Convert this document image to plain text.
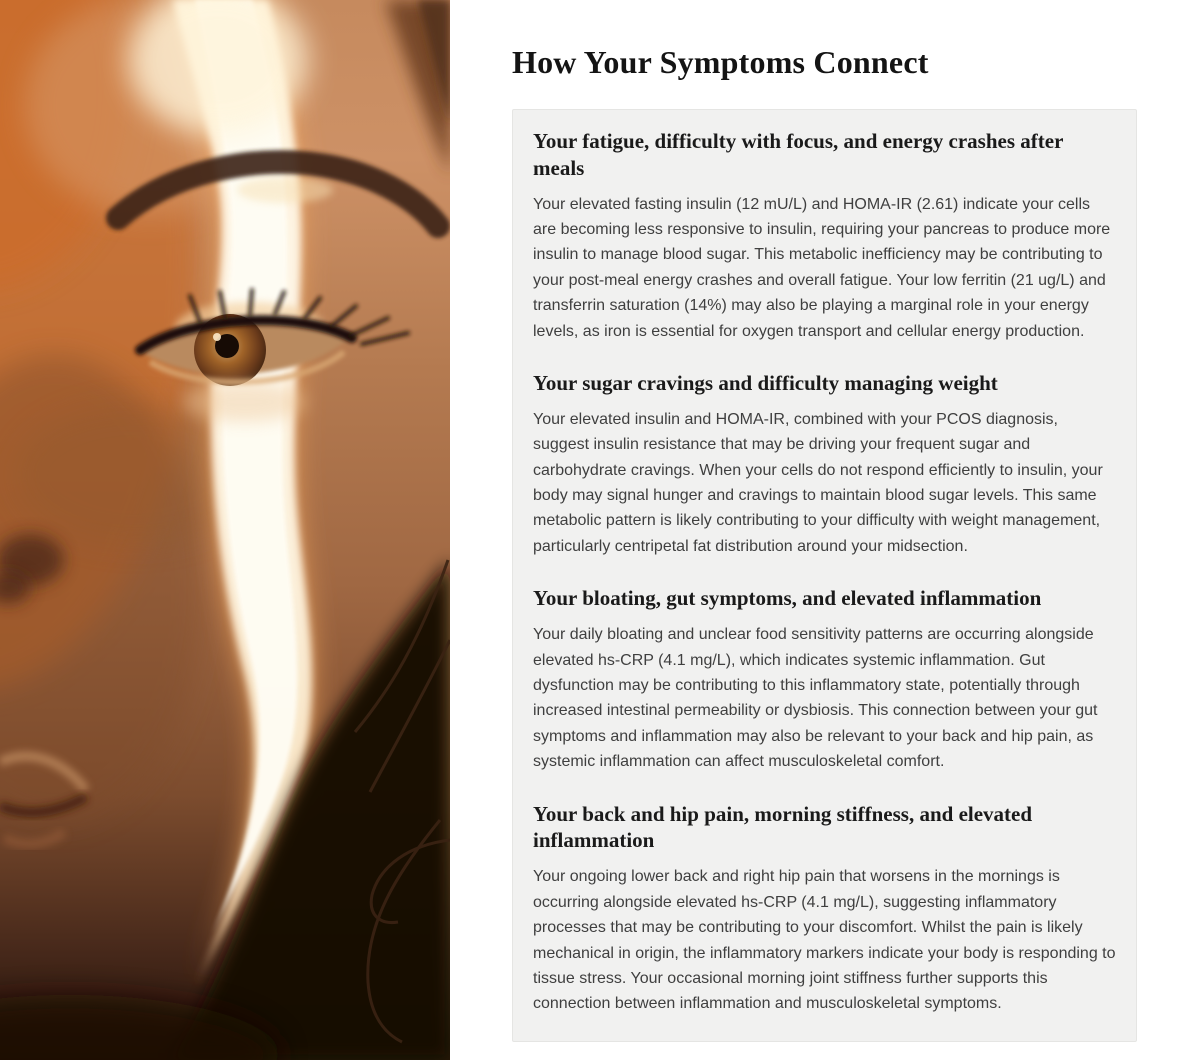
How Your Symptoms Connect
Your fatigue, difficulty with focus, and energy crashes after meals

Your elevated fasting insulin (12 mU/L) and HOMA-IR (2.61) indicate your cells are becoming less responsive to insulin, requiring your pancreas to produce more insulin to manage blood sugar. This metabolic inefficiency may be contributing to your post-meal energy crashes and overall fatigue. Your low ferritin (21 ug/L) and transferrin saturation (14%) may also be playing a marginal role in your energy levels, as iron is essential for oxygen transport and cellular energy production.

Your sugar cravings and difficulty managing weight

Your elevated insulin and HOMA-IR, combined with your PCOS diagnosis, suggest insulin resistance that may be driving your frequent sugar and carbohydrate cravings. When your cells do not respond efficiently to insulin, your body may signal hunger and cravings to maintain blood sugar levels. This same metabolic pattern is likely contributing to your difficulty with weight management, particularly centripetal fat distribution around your midsection.

Your bloating, gut symptoms, and elevated inflammation

Your daily bloating and unclear food sensitivity patterns are occurring alongside elevated hs-CRP (4.1 mg/L), which indicates systemic inflammation. Gut dysfunction may be contributing to this inflammatory state, potentially through increased intestinal permeability or dysbiosis. This connection between your gut symptoms and inflammation may also be relevant to your back and hip pain, as systemic inflammation can affect musculoskeletal comfort.

Your back and hip pain, morning stiffness, and elevated inflammation

Your ongoing lower back and right hip pain that worsens in the mornings is occurring alongside elevated hs-CRP (4.1 mg/L), suggesting inflammatory processes that may be contributing to your discomfort. Whilst the pain is likely mechanical in origin, the inflammatory markers indicate your body is responding to tissue stress. Your occasional morning joint stiffness further supports this connection between inflammation and musculoskeletal symptoms.
